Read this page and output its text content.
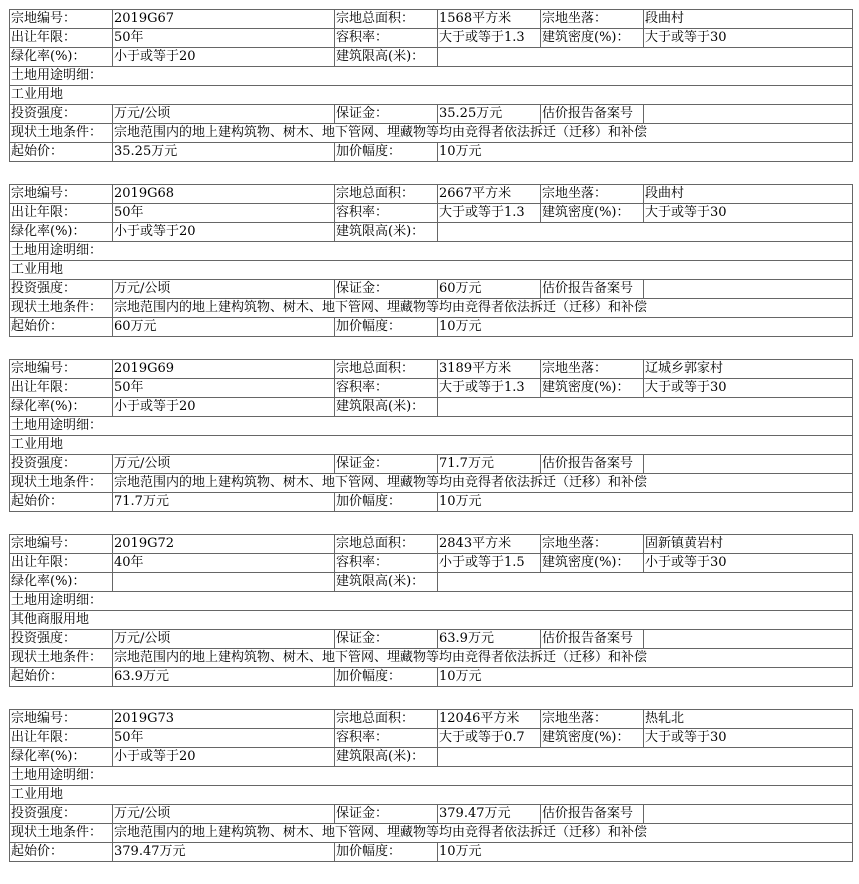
宗地编号：	2019G67	宗地总面积：	1568平方米	宗地坐落：	段曲村
出让年限：	50年	容积率：	大于或等于1.3	建筑密度(%)：	大于或等于30
绿化率(%)：	小于或等于20	建筑限高(米)：			
土地用途明细：					
工业用地					
投资强度：	万元/公顷	保证金：	35.25万元	估价报告备案号	
现状土地条件：	宗地范围内的地上建构筑物、树木、地下管网、埋藏物等均由竞得者依法拆迁（迁移）和补偿				
起始价：	35.25万元	加价幅度：	10万元		
宗地编号：	2019G68	宗地总面积：	2667平方米	宗地坐落：	段曲村
出让年限：	50年	容积率：	大于或等于1.3	建筑密度(%)：	大于或等于30
绿化率(%)：	小于或等于20	建筑限高(米)：			
土地用途明细：					
工业用地					
投资强度：	万元/公顷	保证金：	60万元	估价报告备案号	
现状土地条件：	宗地范围内的地上建构筑物、树木、地下管网、埋藏物等均由竞得者依法拆迁（迁移）和补偿				
起始价：	60万元	加价幅度：	10万元		
宗地编号：	2019G69	宗地总面积：	3189平方米	宗地坐落：	辽城乡郭家村
出让年限：	50年	容积率：	大于或等于1.3	建筑密度(%)：	大于或等于30
绿化率(%)：	小于或等于20	建筑限高(米)：			
土地用途明细：					
工业用地					
投资强度：	万元/公顷	保证金：	71.7万元	估价报告备案号	
现状土地条件：	宗地范围内的地上建构筑物、树木、地下管网、埋藏物等均由竞得者依法拆迁（迁移）和补偿				
起始价：	71.7万元	加价幅度：	10万元		
宗地编号：	2019G72	宗地总面积：	2843平方米	宗地坐落：	固新镇黄岩村
出让年限：	40年	容积率：	小于或等于1.5	建筑密度(%)：	小于或等于30
绿化率(%)：		建筑限高(米)：			
土地用途明细：					
其他商服用地					
投资强度：	万元/公顷	保证金：	63.9万元	估价报告备案号	
现状土地条件：	宗地范围内的地上建构筑物、树木、地下管网、埋藏物等均由竞得者依法拆迁（迁移）和补偿				
起始价：	63.9万元	加价幅度：	10万元		
宗地编号：	2019G73	宗地总面积：	12046平方米	宗地坐落：	热轧北
出让年限：	50年	容积率：	大于或等于0.7	建筑密度(%)：	大于或等于30
绿化率(%)：	小于或等于20	建筑限高(米)：			
土地用途明细：					
工业用地					
投资强度：	万元/公顷	保证金：	379.47万元	估价报告备案号	
现状土地条件：	宗地范围内的地上建构筑物、树木、地下管网、埋藏物等均由竞得者依法拆迁（迁移）和补偿				
起始价：	379.47万元	加价幅度：	10万元		
